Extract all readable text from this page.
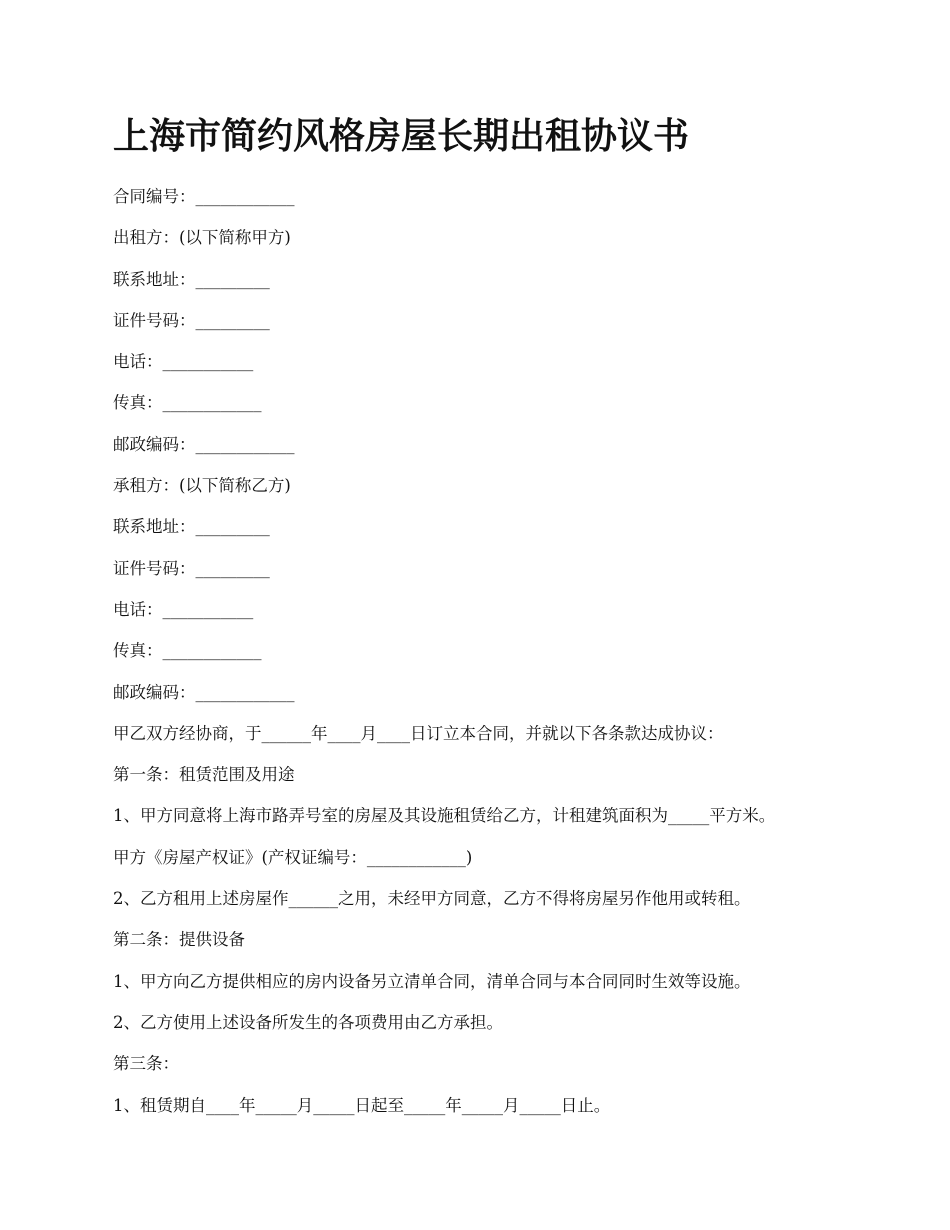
上海市简约风格房屋长期出租协议书
合同编号：____________
出租方：(以下简称甲方)
联系地址：_________
证件号码：_________
电话：___________
传真：____________
邮政编码：____________
承租方：(以下简称乙方)
联系地址：_________
证件号码：_________
电话：___________
传真：____________
邮政编码：____________
甲乙双方经协商，于______年____月____日订立本合同，并就以下各条款达成协议：
第一条：租赁范围及用途
1、甲方同意将上海市路弄号室的房屋及其设施租赁给乙方，计租建筑面积为_____平方米。
甲方《房屋产权证》(产权证编号：____________)
2、乙方租用上述房屋作______之用，未经甲方同意，乙方不得将房屋另作他用或转租。
第二条：提供设备
1、甲方向乙方提供相应的房内设备另立清单合同，清单合同与本合同同时生效等设施。
2、乙方使用上述设备所发生的各项费用由乙方承担。
第三条：
1、租赁期自____年_____月_____日起至_____年_____月_____日止。
